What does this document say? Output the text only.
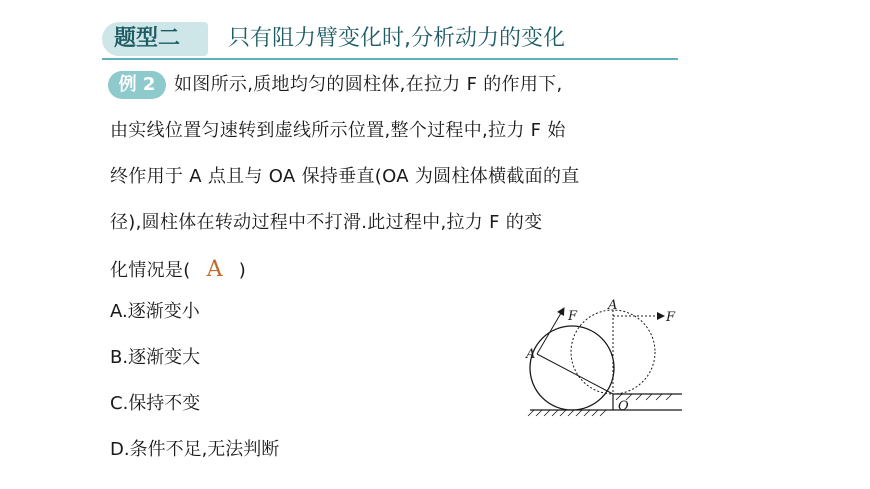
题型二	只有阻力臂变化时,分析动力的变化
例 2	如图所示,质地均匀的圆柱体,在拉力 F 的作用下,
由实线位置匀速转到虚线所示位置,整个过程中,拉力 F 始
终作用于 A 点且与 OA 保持垂直(OA 为圆柱体横截面的直
径),圆柱体在转动过程中不打滑.此过程中,拉力 F 的变
化情况是( A )
A.逐渐变小
B.逐渐变大
C.保持不变
D.条件不足,无法判断
F
A
A
F
O
